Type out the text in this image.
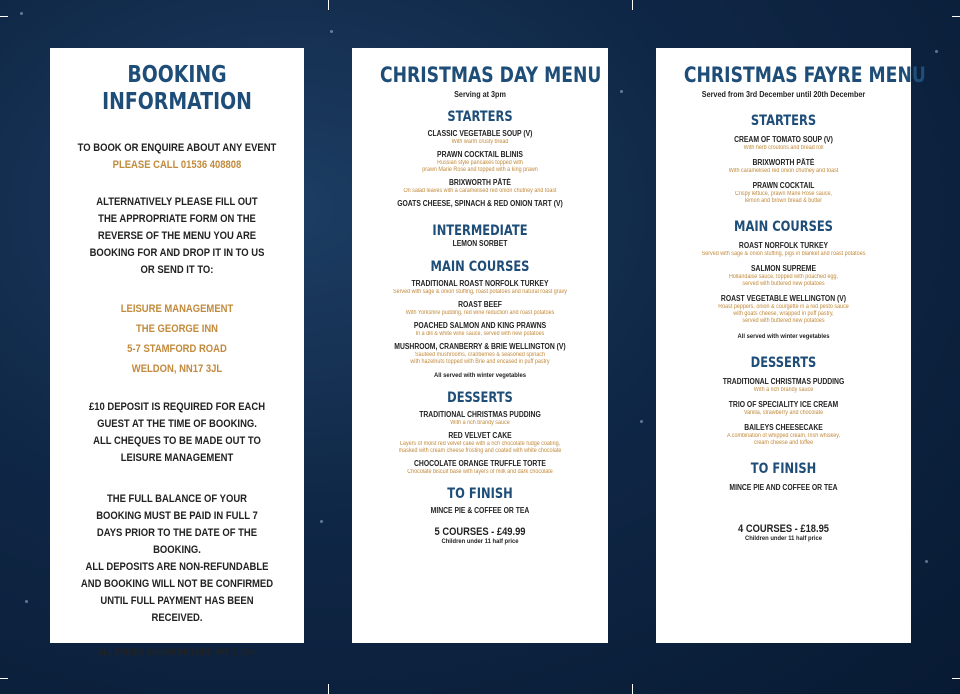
BOOKING

INFORMATION

TO BOOK OR ENQUIRE ABOUT ANY EVENT

PLEASE CALL 01536 408808

ALTERNATIVELY PLEASE FILL OUT
THE APPROPRIATE FORM ON THE
REVERSE OF THE MENU YOU ARE
BOOKING FOR AND DROP IT IN TO US
OR SEND IT TO:

LEISURE MANAGEMENT

THE GEORGE INN

5-7 STAMFORD ROAD

WELDON, NN17 3JL

£10 DEPOSIT IS REQUIRED FOR EACH
GUEST AT THE TIME OF BOOKING.
ALL CHEQUES TO BE MADE OUT TO
LEISURE MANAGEMENT

THE FULL BALANCE OF YOUR
BOOKING MUST BE PAID IN FULL 7
DAYS PRIOR TO THE DATE OF THE BOOKING.
ALL DEPOSITS ARE NON-REFUNDABLE
AND BOOKING WILL NOT BE CONFIRMED
UNTIL FULL PAYMENT HAS BEEN RECEIVED.

ALL PRICES SHOWN INCLUDE VAT @ 20%

CHRISTMAS DAY MENU

Serving at 3pm

STARTERS

CLASSIC VEGETABLE SOUP (V)

With warm crusty bread

PRAWN COCKTAIL BLINIS

Russian style pancakes topped with
prawn Marie Rose and topped with a king prawn

BRIXWORTH PÂTÉ

On salad leaves with a caramelised red onion chutney and toast

GOATS CHEESE, SPINACH & RED ONION TART (V)

INTERMEDIATE

LEMON SORBET

MAIN COURSES

TRADITIONAL ROAST NORFOLK TURKEY

Served with sage & onion stuffing, roast potatoes and natural roast gravy

ROAST BEEF

With Yorkshire pudding, red wine reduction and roast potatoes

POACHED SALMON AND KING PRAWNS

In a dill & white wine sauce, served with new potatoes

MUSHROOM, CRANBERRY & BRIE WELLINGTON (V)

Sautéed mushrooms, cranberries & seasoned spinach
with hazelnuts topped with Brie and encased in puff pastry

All served with winter vegetables

DESSERTS

TRADITIONAL CHRISTMAS PUDDING

With a rich brandy sauce

RED VELVET CAKE

Layers of moist red velvet cake with a rich chocolate fudge coating,
masked with cream cheese frosting and coated with white chocolate

CHOCOLATE ORANGE TRUFFLE TORTE

Chocolate biscuit base with layers of milk and dark chocolate

TO FINISH

MINCE PIE & COFFEE OR TEA

5 COURSES - £49.99

Children under 11 half price

CHRISTMAS FAYRE MENU

Served from 3rd December until 20th December

STARTERS

CREAM OF TOMATO SOUP (V)

With herb croutons and bread roll

BRIXWORTH PÂTÉ

With caramelised red onion chutney and toast

PRAWN COCKTAIL

Crispy lettuce, prawn Marie Rose sauce,
lemon and brown bread & butter

MAIN COURSES

ROAST NORFOLK TURKEY

Served with sage & onion stuffing, pigs in blanket and roast potatoes

SALMON SUPREME

Hollandaise sauce, topped with poached egg,
served with buttered new potatoes

ROAST VEGETABLE WELLINGTON (V)

Roast peppers, onion & courgette in a red pesto sauce
with goats cheese, wrapped in puff pastry,
served with buttered new potatoes

All served with winter vegetables

DESSERTS

TRADITIONAL CHRISTMAS PUDDING

With a rich brandy sauce

TRIO OF SPECIALITY ICE CREAM

Vanilla, strawberry and chocolate

BAILEYS CHEESECAKE

A combination of whipped cream, Irish whiskey,
cream cheese and toffee

TO FINISH

MINCE PIE AND COFFEE OR TEA

4 COURSES - £18.95

Children under 11 half price
